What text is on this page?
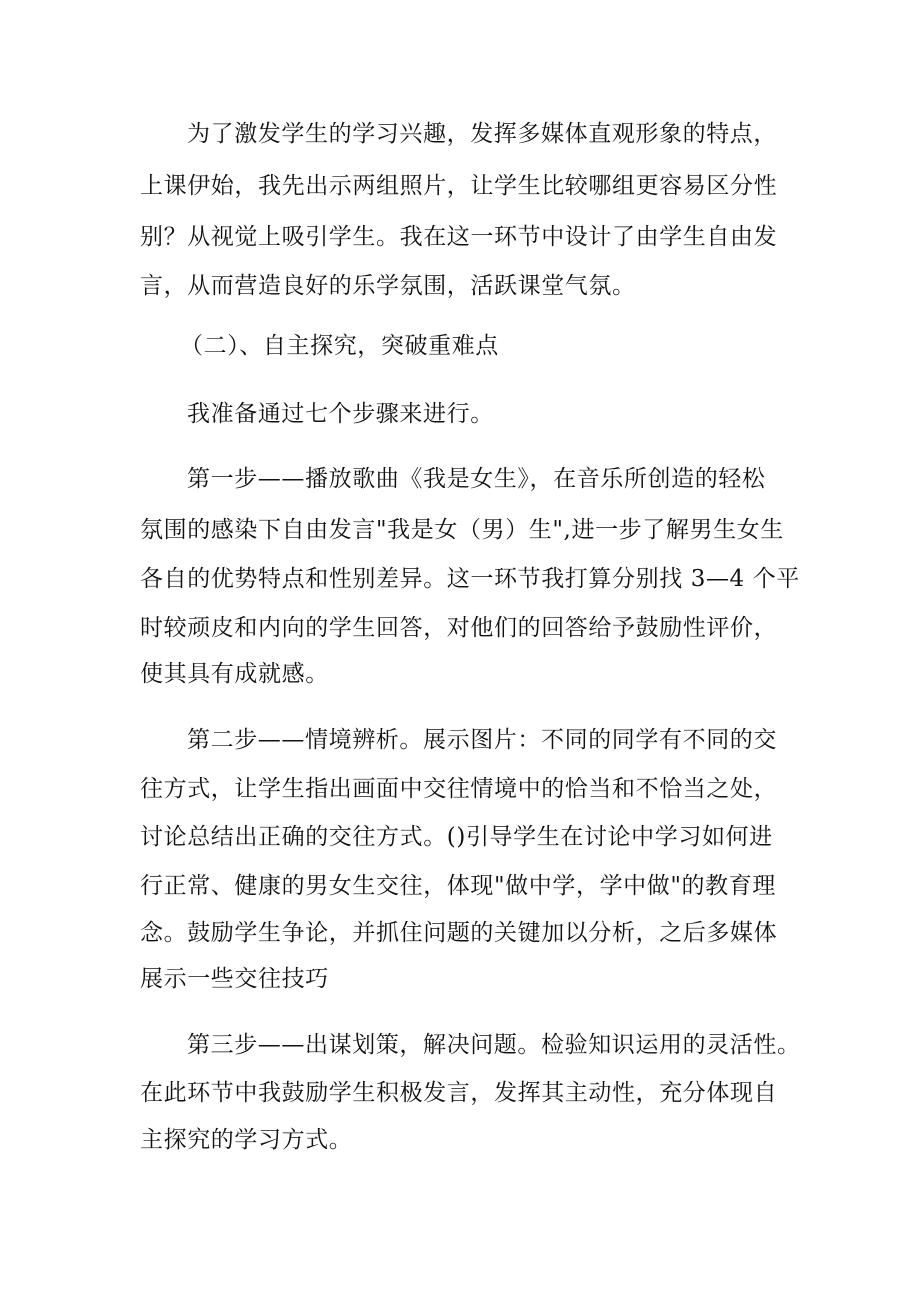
为了激发学生的学习兴趣，发挥多媒体直观形象的特点，
上课伊始，我先出示两组照片，让学生比较哪组更容易区分性
别？从视觉上吸引学生。我在这一环节中设计了由学生自由发
言，从而营造良好的乐学氛围，活跃课堂气氛。
（二）、自主探究，突破重难点
我准备通过七个步骤来进行。
第一步——播放歌曲《我是女生》，在音乐所创造的轻松
氛围的感染下自由发言"我是女（男）生",进一步了解男生女生
各自的优势特点和性别差异。这一环节我打算分别找 3—4 个平
时较顽皮和内向的学生回答，对他们的回答给予鼓励性评价，
使其具有成就感。
第二步——情境辨析。展示图片：不同的同学有不同的交
往方式，让学生指出画面中交往情境中的恰当和不恰当之处，
讨论总结出正确的交往方式。()引导学生在讨论中学习如何进
行正常、健康的男女生交往，体现"做中学，学中做"的教育理
念。鼓励学生争论，并抓住问题的关键加以分析，之后多媒体
展示一些交往技巧
第三步——出谋划策，解决问题。检验知识运用的灵活性。
在此环节中我鼓励学生积极发言，发挥其主动性，充分体现自
主探究的学习方式。
